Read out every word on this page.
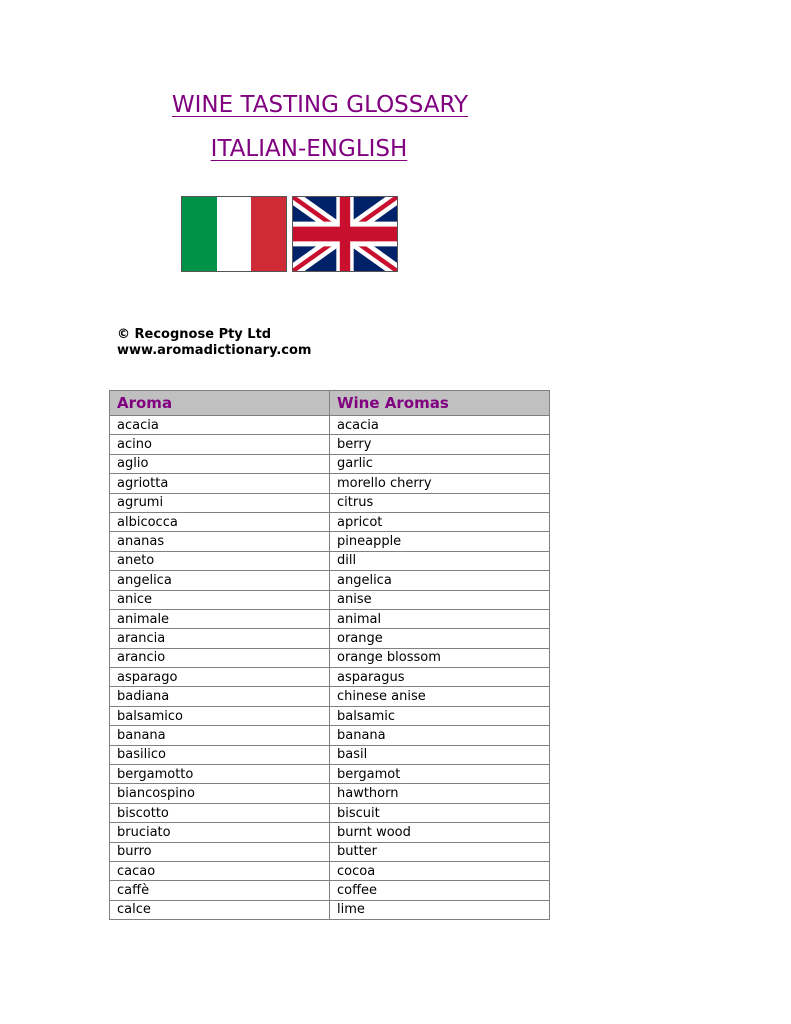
WINE TASTING GLOSSARY
ITALIAN-ENGLISH
© Recognose Pty Ltd
www.aromadictionary.com
Aroma	Wine Aromas
acacia	acacia
acino	berry
aglio	garlic
agriotta	morello cherry
agrumi	citrus
albicocca	apricot
ananas	pineapple
aneto	dill
angelica	angelica
anice	anise
animale	animal
arancia	orange
arancio	orange blossom
asparago	asparagus
badiana	chinese anise
balsamico	balsamic
banana	banana
basilico	basil
bergamotto	bergamot
biancospino	hawthorn
biscotto	biscuit
bruciato	burnt wood
burro	butter
cacao	cocoa
caffè	coffee
calce	lime
